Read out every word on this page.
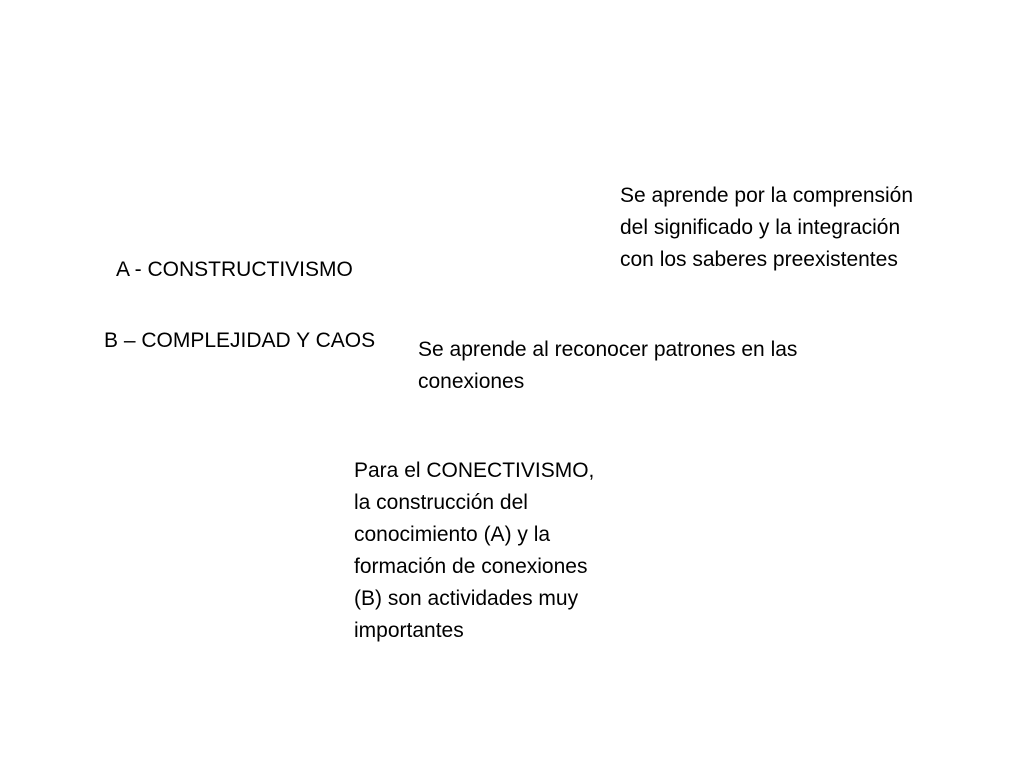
A - CONSTRUCTIVISMO

B – COMPLEJIDAD Y CAOS

Se aprende por la comprensión
del significado y la integración
con los saberes preexistentes

Se aprende al reconocer patrones en las
conexiones

Para el CONECTIVISMO,
la construcción del
conocimiento (A) y la
formación de conexiones
(B) son actividades muy
importantes
